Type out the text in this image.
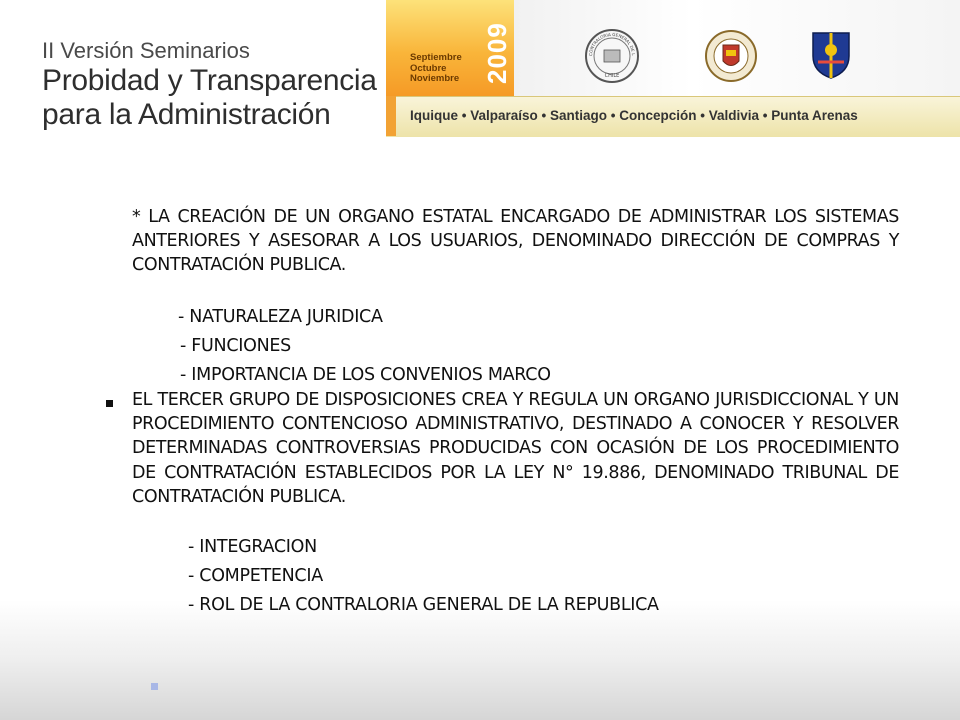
II Versión Seminarios
Probidad y Transparencia
para la Administración
Septiembre
Octubre
Noviembre 2009	CONTRALORIA GENERAL DE L
CHILE
Iquique • Valparaíso • Santiago • Concepción • Valdivia • Punta Arenas
* LA CREACIÓN DE UN ORGANO ESTATAL ENCARGADO DE ADMINISTRAR LOS SISTEMAS ANTERIORES Y ASESORAR A LOS USUARIOS, DENOMINADO DIRECCIÓN DE COMPRAS Y CONTRATACIÓN PUBLICA.
- NATURALEZA JURIDICA
- FUNCIONES
- IMPORTANCIA DE LOS CONVENIOS MARCO
EL TERCER GRUPO DE DISPOSICIONES CREA Y REGULA UN ORGANO JURISDICCIONAL Y UN PROCEDIMIENTO CONTENCIOSO ADMINISTRATIVO, DESTINADO A CONOCER Y RESOLVER DETERMINADAS CONTROVERSIAS PRODUCIDAS CON OCASIÓN DE LOS PROCEDIMIENTO DE CONTRATACIÓN ESTABLECIDOS POR LA LEY N° 19.886, DENOMINADO TRIBUNAL DE CONTRATACIÓN PUBLICA.
- INTEGRACION
- COMPETENCIA
- ROL DE LA CONTRALORIA GENERAL DE LA REPUBLICA
